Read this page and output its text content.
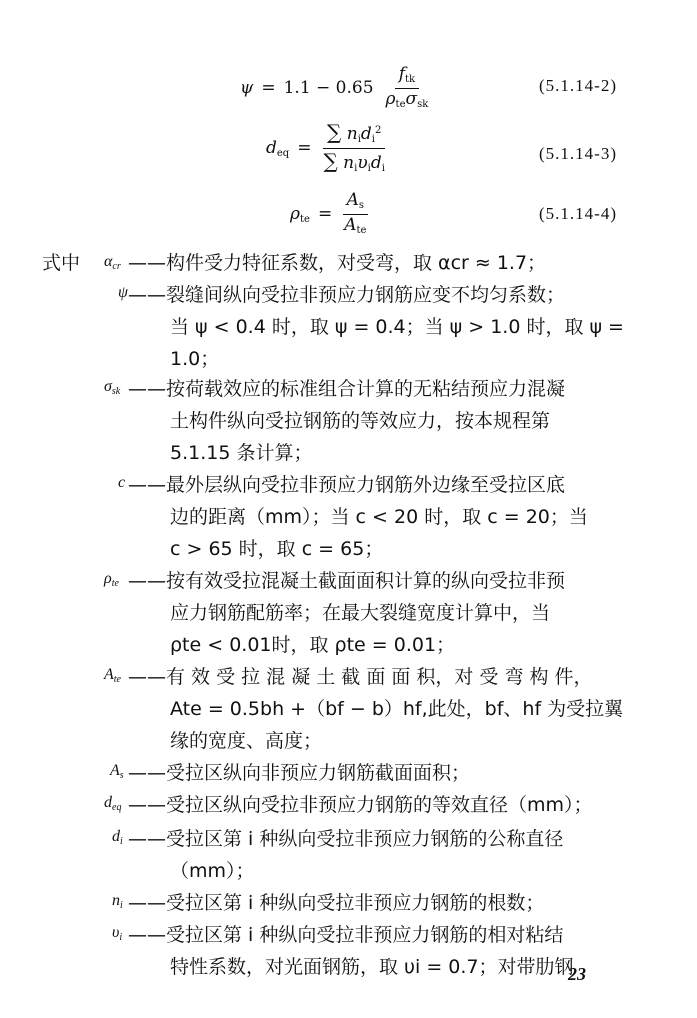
$\psi = 1.1 - 0.65 \frac{f_{tk}}{\rho_{te}\sigma_{sk}}$	(5.1.14-2)
$d_{eq} = \frac{\sum n_id_i^2}{\sum n_i\upsilon_id_i}$	(5.1.14-3)
$\rho_{te} = \frac{A_s}{A_{te}}$	(5.1.14-4)
式中 $\alpha_{cr}$ ——构件受力特征系数，对受弯，取 αcr ≈ 1.7；
ψ ——裂缝间纵向受拉非预应力钢筋应变不均匀系数；
当 ψ < 0.4 时，取 ψ = 0.4；当 ψ > 1.0 时，取 ψ =
1.0；
$\sigma_{sk}$ ——按荷载效应的标准组合计算的无粘结预应力混凝
土构件纵向受拉钢筋的等效应力，按本规程第
5.1.15 条计算；
c ——最外层纵向受拉非预应力钢筋外边缘至受拉区底
边的距离（mm）；当 c < 20 时，取 c = 20；当
c > 65 时，取 c = 65；
$\rho_{te}$ ——按有效受拉混凝土截面面积计算的纵向受拉非预
应力钢筋配筋率；在最大裂缝宽度计算中，当
ρte < 0.01时，取 ρte = 0.01；
$A_{te}$ ——有 效 受 拉 混 凝 土 截 面 面 积，对 受 弯 构 件，
Ate = 0.5bh +（bf − b）hf,此处，bf、hf 为受拉翼
缘的宽度、高度；
$A_s$ ——受拉区纵向非预应力钢筋截面面积；
$d_{eq}$ ——受拉区纵向受拉非预应力钢筋的等效直径（mm）；
$d_i$ ——受拉区第 i 种纵向受拉非预应力钢筋的公称直径
（mm）；
$n_i$ ——受拉区第 i 种纵向受拉非预应力钢筋的根数；
$\upsilon_i$ ——受拉区第 i 种纵向受拉非预应力钢筋的相对粘结
特性系数，对光面钢筋，取 υi = 0.7；对带肋钢
23
